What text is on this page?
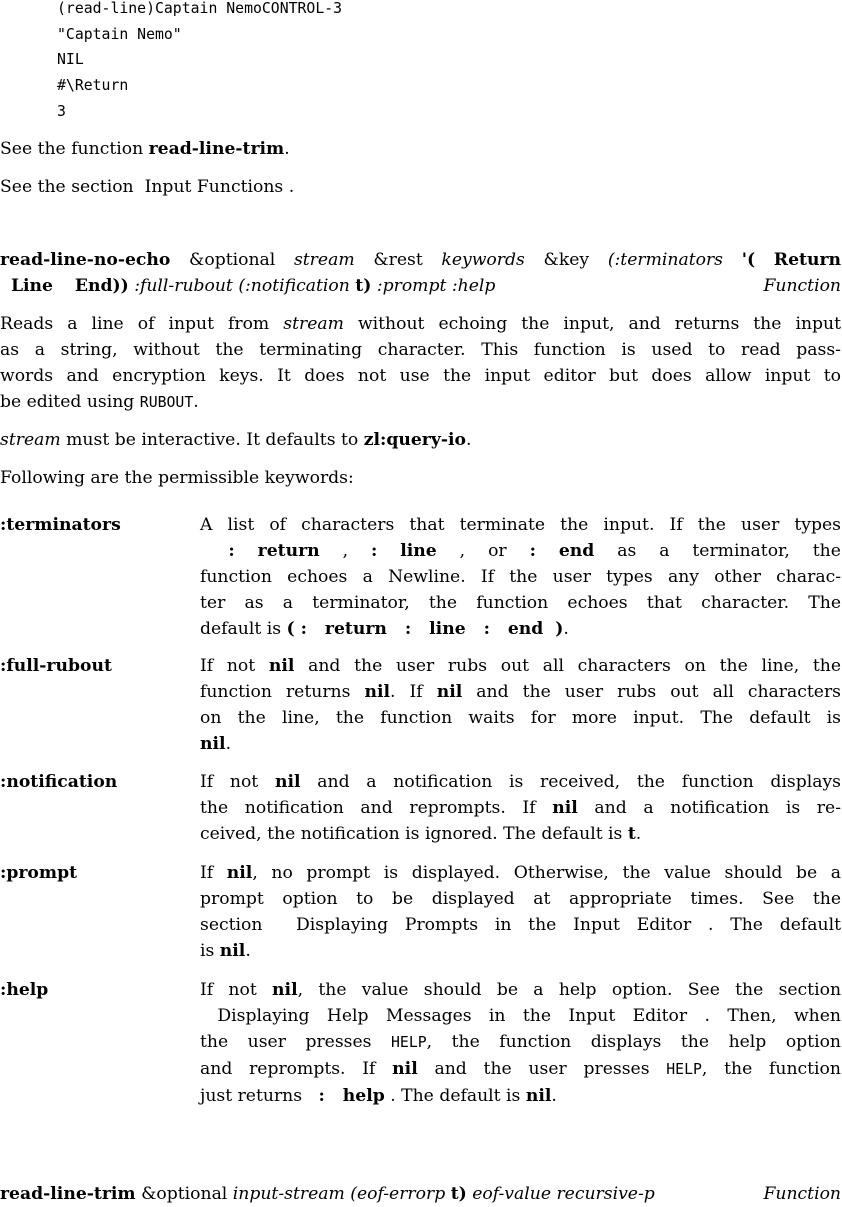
(read-line)Captain NemoCONTROL-3
"Captain Nemo"
NIL
#\Return
3
See the function read-line-trim.
See the section  Input Functions .
read-line-no-echo &optional stream &rest keywords &key (:terminators '( Return
Line End)) :full-rubout (:notification t) :prompt :help	Function
Reads a line of input from stream without echoing the input, and returns the input
as a string, without the terminating character. This function is used to read pass-
words and encryption keys. It does not use the input editor but does allow input to
be edited using RUBOUT.
stream must be interactive. It defaults to zl:query-io.
Following are the permissible keywords:
:terminators	A list of characters that terminate the input. If the user types

: return , : line , or : end as a terminator, the
function echoes a Newline. If the user types any other charac-
ter as a terminator, the function echoes that character. The
default is ( :   return   :   line   :   end  ).
:full-rubout	If not nil and the user rubs out all characters on the line, the
function returns nil. If nil and the user rubs out all characters
on the line, the function waits for more input. The default is
nil.
:notification	If not nil and a notification is received, the function displays
the notification and reprompts. If nil and a notification is re-
ceived, the notification is ignored. The default is t.
:prompt	If nil, no prompt is displayed. Otherwise, the value should be a
prompt option to be displayed at appropriate times. See the
section  Displaying Prompts in the Input Editor . The default
is nil.
:help	If not nil, the value should be a help option. See the section
Displaying Help Messages in the Input Editor . Then, when
the user presses HELP, the function displays the help option
and reprompts. If nil and the user presses HELP, the function
just returns   :   help . The default is nil.
read-line-trim &optional input-stream (eof-errorp t) eof-value recursive-p	Function
